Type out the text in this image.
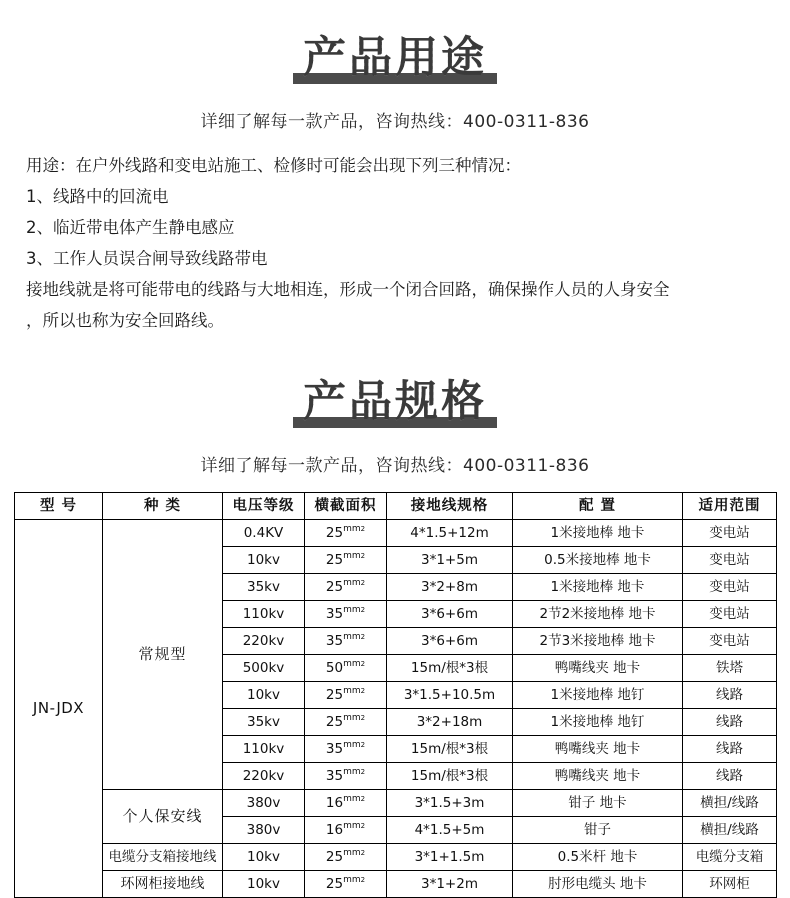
产品用途
详细了解每一款产品，咨询热线：400-0311-836

用途：在户外线路和变电站施工、检修时可能会出现下列三种情况：

1、线路中的回流电

2、临近带电体产生静电感应

3、工作人员误合闸导致线路带电

接地线就是将可能带电的线路与大地相连，形成一个闭合回路，确保操作人员的人身安全

，所以也称为安全回路线。

产品规格
详细了解每一款产品，咨询热线：400-0311-836
型 号	种 类	电压等级	横截面积	接地线规格	配 置	适用范围
JN-JDX	常规型	0.4KV	$25^{mm2}$	4*1.5+12m	1米接地棒 地卡	变电站
		10kv	$25^{mm2}$	3*1+5m	0.5米接地棒 地卡	变电站
		35kv	$25^{mm2}$	3*2+8m	1米接地棒 地卡	变电站
		110kv	$35^{mm2}$	3*6+6m	2节2米接地棒 地卡	变电站
		220kv	$35^{mm2}$	3*6+6m	2节3米接地棒 地卡	变电站
		500kv	$50^{mm2}$	15m/根*3根	鸭嘴线夹 地卡	铁塔
		10kv	$25^{mm2}$	3*1.5+10.5m	1米接地棒 地钉	线路
		35kv	$25^{mm2}$	3*2+18m	1米接地棒 地钉	线路
		110kv	$35^{mm2}$	15m/根*3根	鸭嘴线夹 地卡	线路
		220kv	$35^{mm2}$	15m/根*3根	鸭嘴线夹 地卡	线路
	个人保安线	380v	$16^{mm2}$	3*1.5+3m	钳子 地卡	横担/线路
		380v	$16^{mm2}$	4*1.5+5m	钳子	横担/线路
	电缆分支箱接地线	10kv	$25^{mm2}$	3*1+1.5m	0.5米杆 地卡	电缆分支箱
	环网柜接地线	10kv	$25^{mm2}$	3*1+2m	肘形电缆头 地卡	环网柜
